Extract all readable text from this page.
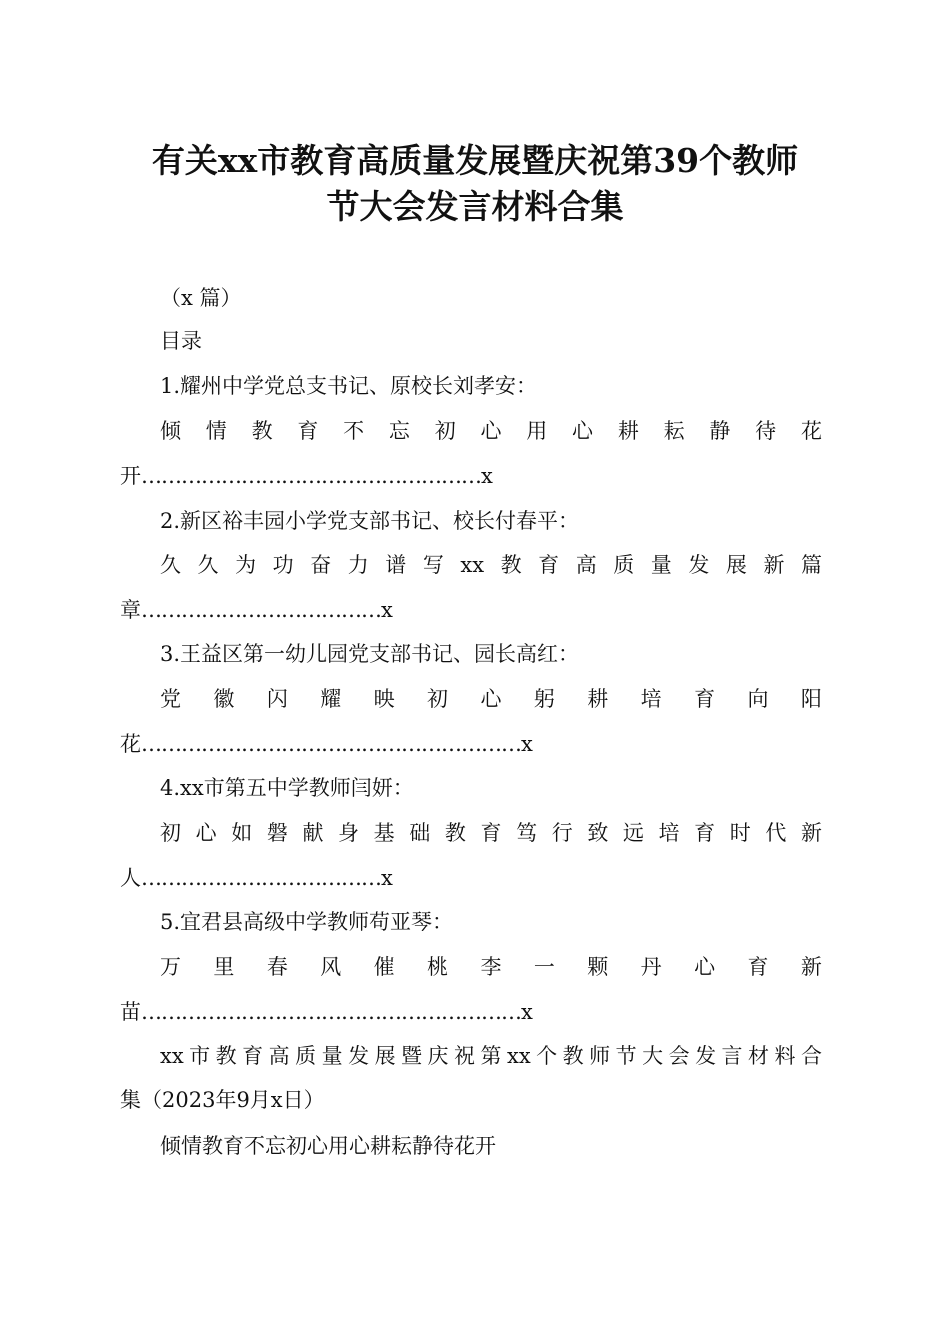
有关xx市教育高质量发展暨庆祝第39个教师
节大会发言材料合集
（x 篇）
目录
1.耀州中学党总支书记、原校长刘孝安：
倾 情 教 育 不 忘 初 心 用 心 耕 耘 静 待 花
开……………………………………………x
2.新区裕丰园小学党支部书记、校长付春平：
久 久 为 功 奋 力 谱 写 xx 教 育 高 质 量 发 展 新 篇
章………………………………x
3.王益区第一幼儿园党支部书记、园长高红：
党 徽 闪 耀 映 初 心 躬 耕 培 育 向 阳
花…………………………………………………x
4.xx市第五中学教师闫妍：
初 心 如 磐 献 身 基 础 教 育 笃 行 致 远 培 育 时 代 新
人………………………………x
5.宜君县高级中学教师苟亚琴：
万 里 春 风 催 桃 李 一 颗 丹 心 育 新
苗…………………………………………………x
xx 市 教 育 高 质 量 发 展 暨 庆 祝 第 xx 个 教 师 节 大 会 发 言 材 料 合
集（2023年9月x日）
倾情教育不忘初心用心耕耘静待花开
